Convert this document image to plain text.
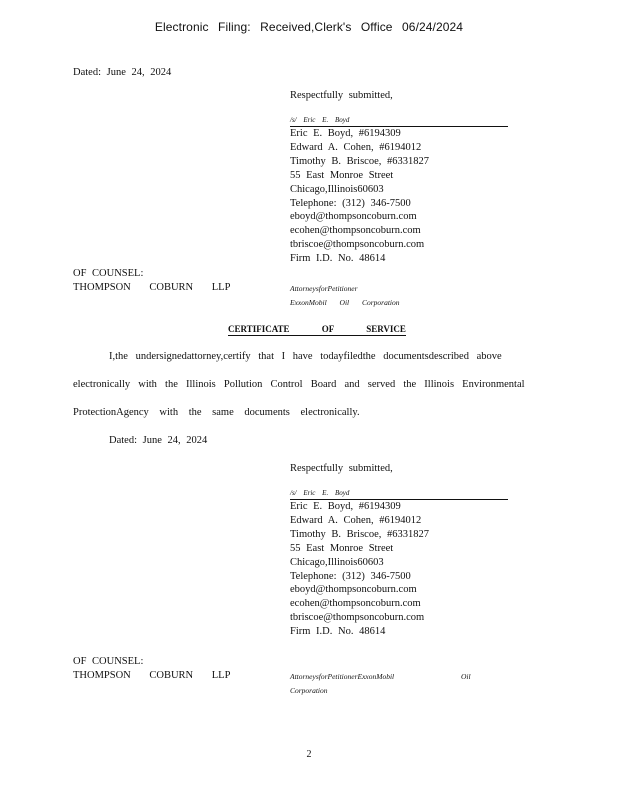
Electronic Filing: Received,Clerk's Office 06/24/2024
Dated: June 24, 2024
Respectfully submitted,
/s/ Eric E. Boyd
Eric E. Boyd, #6194309
Edward A. Cohen, #6194012
Timothy B. Briscoe, #6331827
55 East Monroe Street
Chicago,Illinois60603
Telephone: (312) 346-7500
eboyd@thompsoncoburn.com
ecohen@thompsoncoburn.com
tbriscoe@thompsoncoburn.com
Firm I.D. No. 48614
OF COUNSEL:
THOMPSON COBURN LLP	AttorneysforPetitioner
ExxonMobil Oil Corporation
CERTIFICATE OF SERVICE
I,the undersignedattorney,certify that I have todayfiledthe documentsdescribed above
electronically with the Illinois Pollution Control Board and served the Illinois Environmental
ProtectionAgency with the same documents electronically.
Dated: June 24, 2024
Respectfully submitted,
/s/ Eric E. Boyd
Eric E. Boyd, #6194309
Edward A. Cohen, #6194012
Timothy B. Briscoe, #6331827
55 East Monroe Street
Chicago,Illinois60603
Telephone: (312) 346-7500
eboyd@thompsoncoburn.com
ecohen@thompsoncoburn.com
tbriscoe@thompsoncoburn.com
Firm I.D. No. 48614
OF COUNSEL:
THOMPSON COBURN LLP	AttorneysforPetitionerExxonMobil	Oil
Corporation
2
